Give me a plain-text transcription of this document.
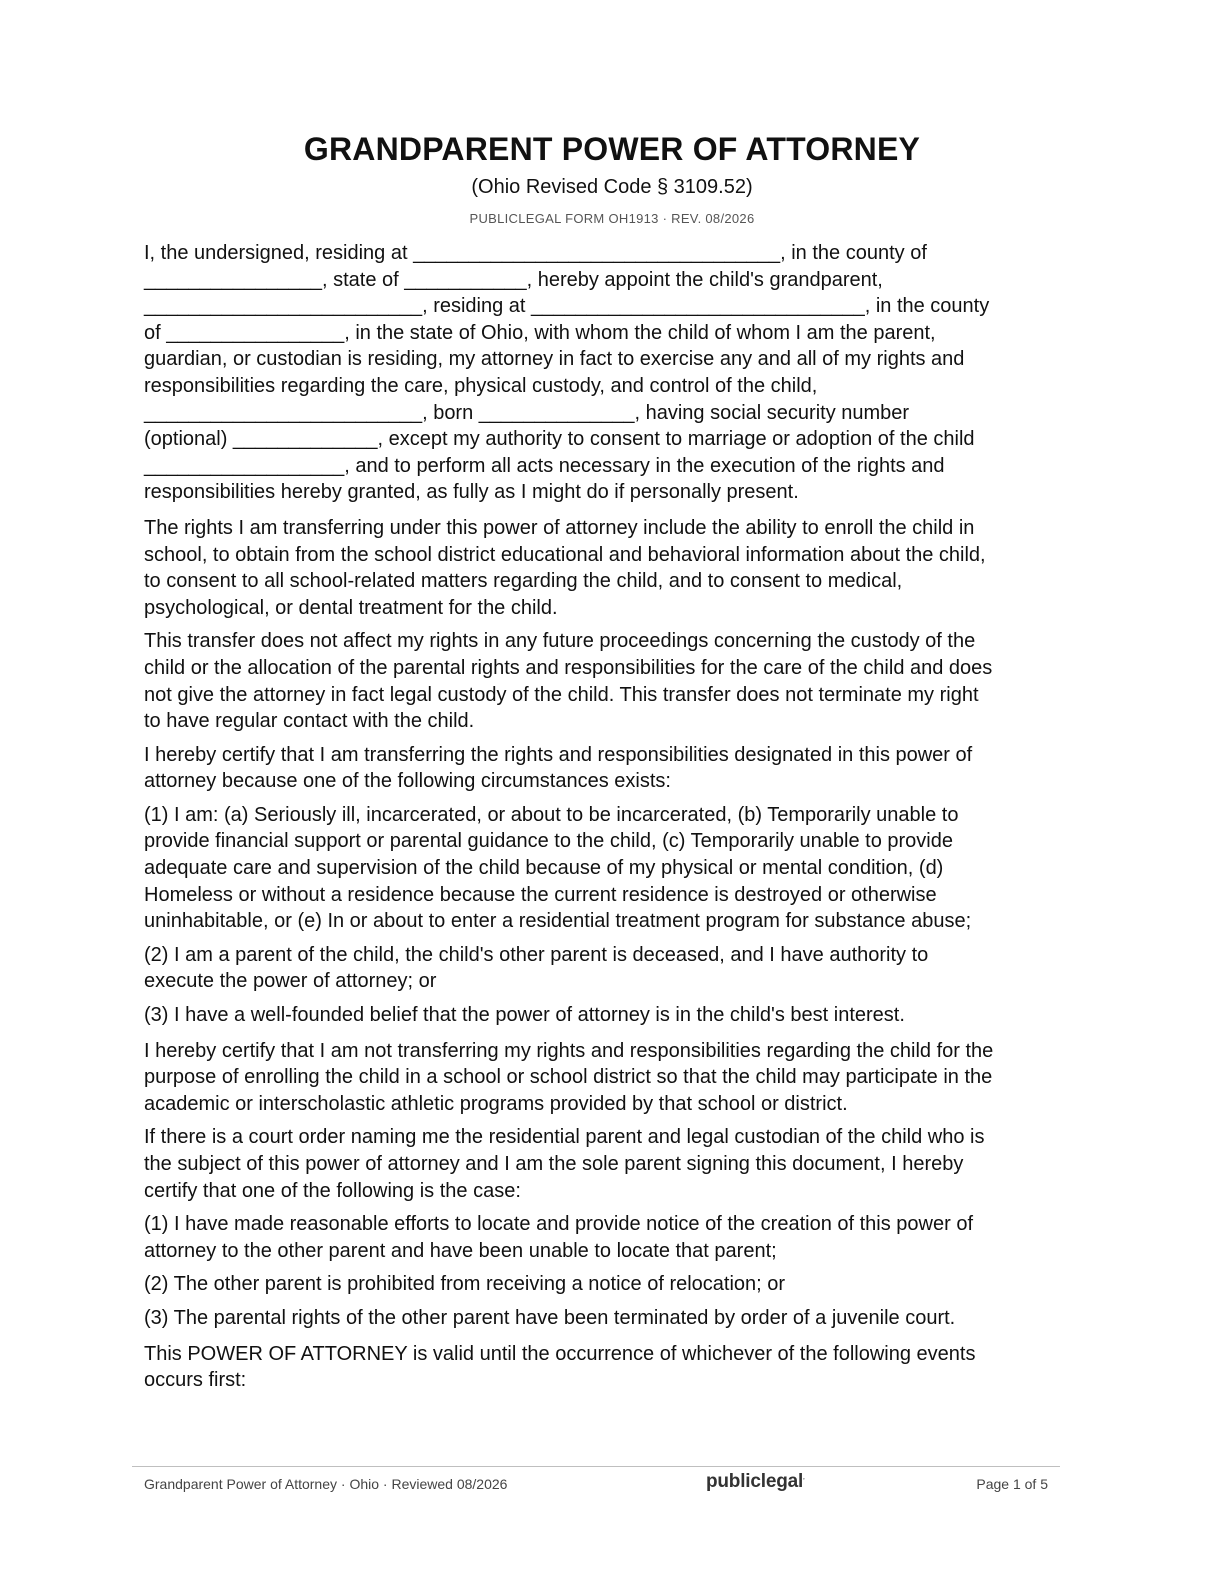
GRANDPARENT POWER OF ATTORNEY
(Ohio Revised Code § 3109.52)
PUBLICLEGAL FORM OH1913 · REV. 08/2026

I, the undersigned, residing at _________________________________, in the county of
________________, state of ___________, hereby appoint the child's grandparent,
_________________________, residing at ______________________________, in the county
of ________________, in the state of Ohio, with whom the child of whom I am the parent,
guardian, or custodian is residing, my attorney in fact to exercise any and all of my rights and
responsibilities regarding the care, physical custody, and control of the child,
_________________________, born ______________, having social security number
(optional) _____________, except my authority to consent to marriage or adoption of the child
__________________, and to perform all acts necessary in the execution of the rights and
responsibilities hereby granted, as fully as I might do if personally present.

The rights I am transferring under this power of attorney include the ability to enroll the child in
school, to obtain from the school district educational and behavioral information about the child,
to consent to all school-related matters regarding the child, and to consent to medical,
psychological, or dental treatment for the child.

This transfer does not affect my rights in any future proceedings concerning the custody of the
child or the allocation of the parental rights and responsibilities for the care of the child and does
not give the attorney in fact legal custody of the child. This transfer does not terminate my right
to have regular contact with the child.

I hereby certify that I am transferring the rights and responsibilities designated in this power of
attorney because one of the following circumstances exists:

(1) I am: (a) Seriously ill, incarcerated, or about to be incarcerated, (b) Temporarily unable to
provide financial support or parental guidance to the child, (c) Temporarily unable to provide
adequate care and supervision of the child because of my physical or mental condition, (d)
Homeless or without a residence because the current residence is destroyed or otherwise
uninhabitable, or (e) In or about to enter a residential treatment program for substance abuse;

(2) I am a parent of the child, the child's other parent is deceased, and I have authority to
execute the power of attorney; or

(3) I have a well-founded belief that the power of attorney is in the child's best interest.

I hereby certify that I am not transferring my rights and responsibilities regarding the child for the
purpose of enrolling the child in a school or school district so that the child may participate in the
academic or interscholastic athletic programs provided by that school or district.

If there is a court order naming me the residential parent and legal custodian of the child who is
the subject of this power of attorney and I am the sole parent signing this document, I hereby
certify that one of the following is the case:

(1) I have made reasonable efforts to locate and provide notice of the creation of this power of
attorney to the other parent and have been unable to locate that parent;

(2) The other parent is prohibited from receiving a notice of relocation; or

(3) The parental rights of the other parent have been terminated by order of a juvenile court.

This POWER OF ATTORNEY is valid until the occurrence of whichever of the following events
occurs first:

Grandparent Power of Attorney · Ohio · Reviewed 08/2026	publiclegal’	Page 1 of 5
